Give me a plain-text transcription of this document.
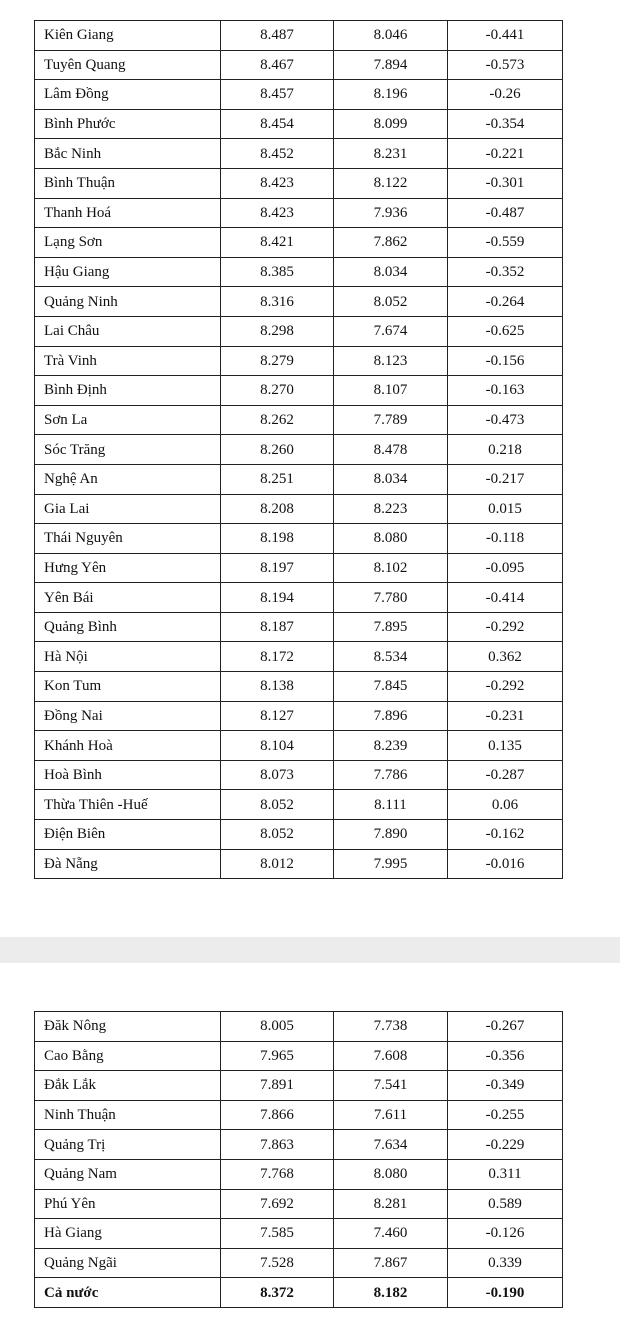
Kiên Giang	8.487	8.046	-0.441
Tuyên Quang	8.467	7.894	-0.573
Lâm Đồng	8.457	8.196	-0.26
Bình Phước	8.454	8.099	-0.354
Bắc Ninh	8.452	8.231	-0.221
Bình Thuận	8.423	8.122	-0.301
Thanh Hoá	8.423	7.936	-0.487
Lạng Sơn	8.421	7.862	-0.559
Hậu Giang	8.385	8.034	-0.352
Quảng Ninh	8.316	8.052	-0.264
Lai Châu	8.298	7.674	-0.625
Trà Vinh	8.279	8.123	-0.156
Bình Định	8.270	8.107	-0.163
Sơn La	8.262	7.789	-0.473
Sóc Trăng	8.260	8.478	0.218
Nghệ An	8.251	8.034	-0.217
Gia Lai	8.208	8.223	0.015
Thái Nguyên	8.198	8.080	-0.118
Hưng Yên	8.197	8.102	-0.095
Yên Bái	8.194	7.780	-0.414
Quảng Bình	8.187	7.895	-0.292
Hà Nội	8.172	8.534	0.362
Kon Tum	8.138	7.845	-0.292
Đồng Nai	8.127	7.896	-0.231
Khánh Hoà	8.104	8.239	0.135
Hoà Bình	8.073	7.786	-0.287
Thừa Thiên -Huế	8.052	8.111	0.06
Điện Biên	8.052	7.890	-0.162
Đà Nẵng	8.012	7.995	-0.016
Đăk Nông	8.005	7.738	-0.267
Cao Bằng	7.965	7.608	-0.356
Đắk Lắk	7.891	7.541	-0.349
Ninh Thuận	7.866	7.611	-0.255
Quảng Trị	7.863	7.634	-0.229
Quảng Nam	7.768	8.080	0.311
Phú Yên	7.692	8.281	0.589
Hà Giang	7.585	7.460	-0.126
Quảng Ngãi	7.528	7.867	0.339
Cả nước	8.372	8.182	-0.190
